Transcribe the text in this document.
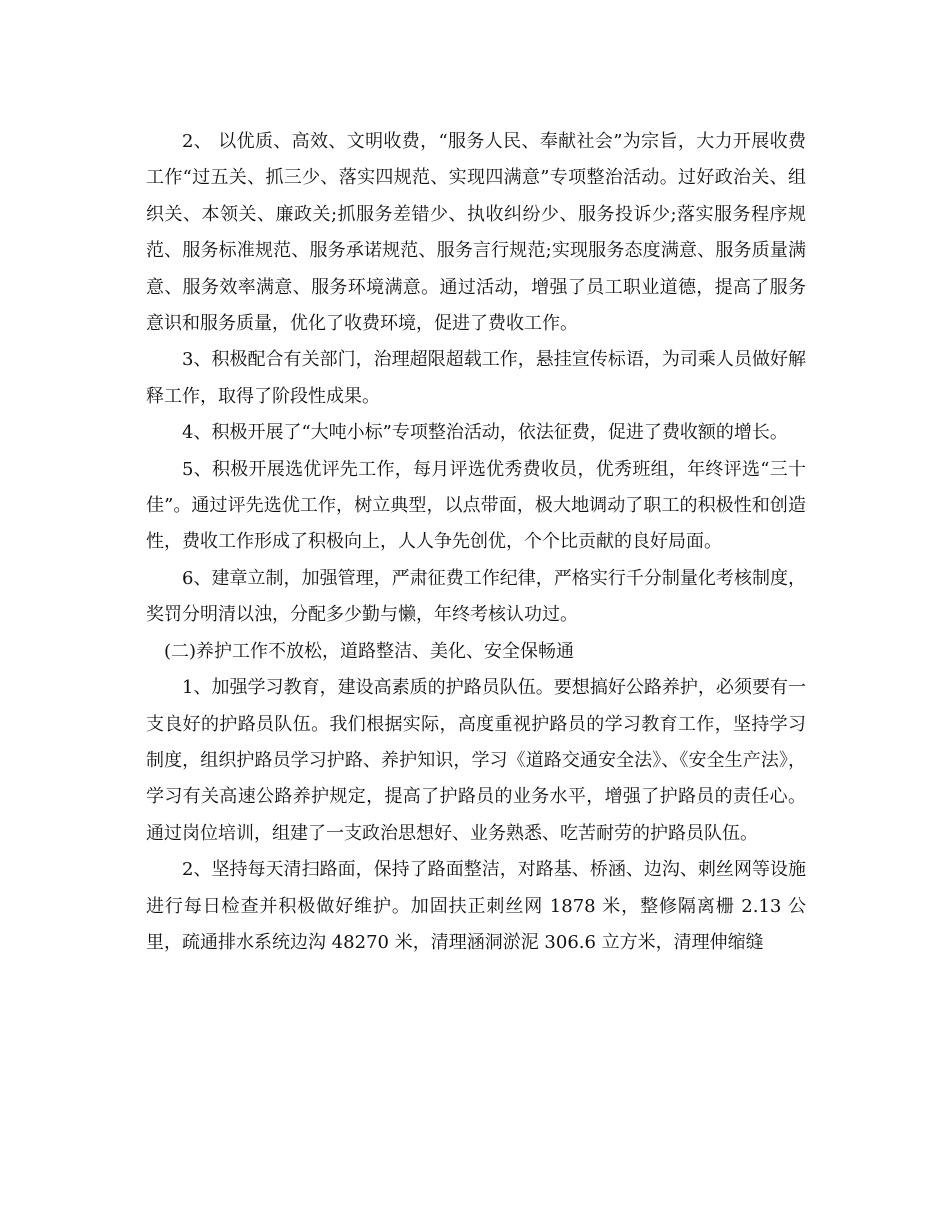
2、 以优质、高效、文明收费，“服务人民、奉献社会”为宗旨，大力开展收费工作“过五关、抓三少、落实四规范、实现四满意”专项整治活动。过好政治关、组织关、本领关、廉政关;抓服务差错少、执收纠纷少、服务投诉少;落实服务程序规范、服务标准规范、服务承诺规范、服务言行规范;实现服务态度满意、服务质量满意、服务效率满意、服务环境满意。通过活动，增强了员工职业道德，提高了服务意识和服务质量，优化了收费环境，促进了费收工作。

3、积极配合有关部门，治理超限超载工作，悬挂宣传标语，为司乘人员做好解释工作，取得了阶段性成果。

4、积极开展了“大吨小标”专项整治活动，依法征费，促进了费收额的增长。

5、积极开展选优评先工作，每月评选优秀费收员，优秀班组，年终评选“三十佳”。通过评先选优工作，树立典型，以点带面，极大地调动了职工的积极性和创造性，费收工作形成了积极向上，人人争先创优，个个比贡献的良好局面。

6、建章立制，加强管理，严肃征费工作纪律，严格实行千分制量化考核制度，奖罚分明清以浊，分配多少勤与懒，年终考核认功过。

(二)养护工作不放松，道路整洁、美化、安全保畅通

1、加强学习教育，建设高素质的护路员队伍。要想搞好公路养护，必须要有一支良好的护路员队伍。我们根据实际，高度重视护路员的学习教育工作，坚持学习制度，组织护路员学习护路、养护知识，学习《道路交通安全法》、《安全生产法》，学习有关高速公路养护规定，提高了护路员的业务水平，增强了护路员的责任心。通过岗位培训，组建了一支政治思想好、业务熟悉、吃苦耐劳的护路员队伍。

2、坚持每天清扫路面，保持了路面整洁，对路基、桥涵、边沟、刺丝网等设施进行每日检查并积极做好维护。加固扶正刺丝网 1878 米，整修隔离栅 2.13 公里，疏通排水系统边沟 48270 米，清理涵洞淤泥 306.6 立方米，清理伸缩缝
